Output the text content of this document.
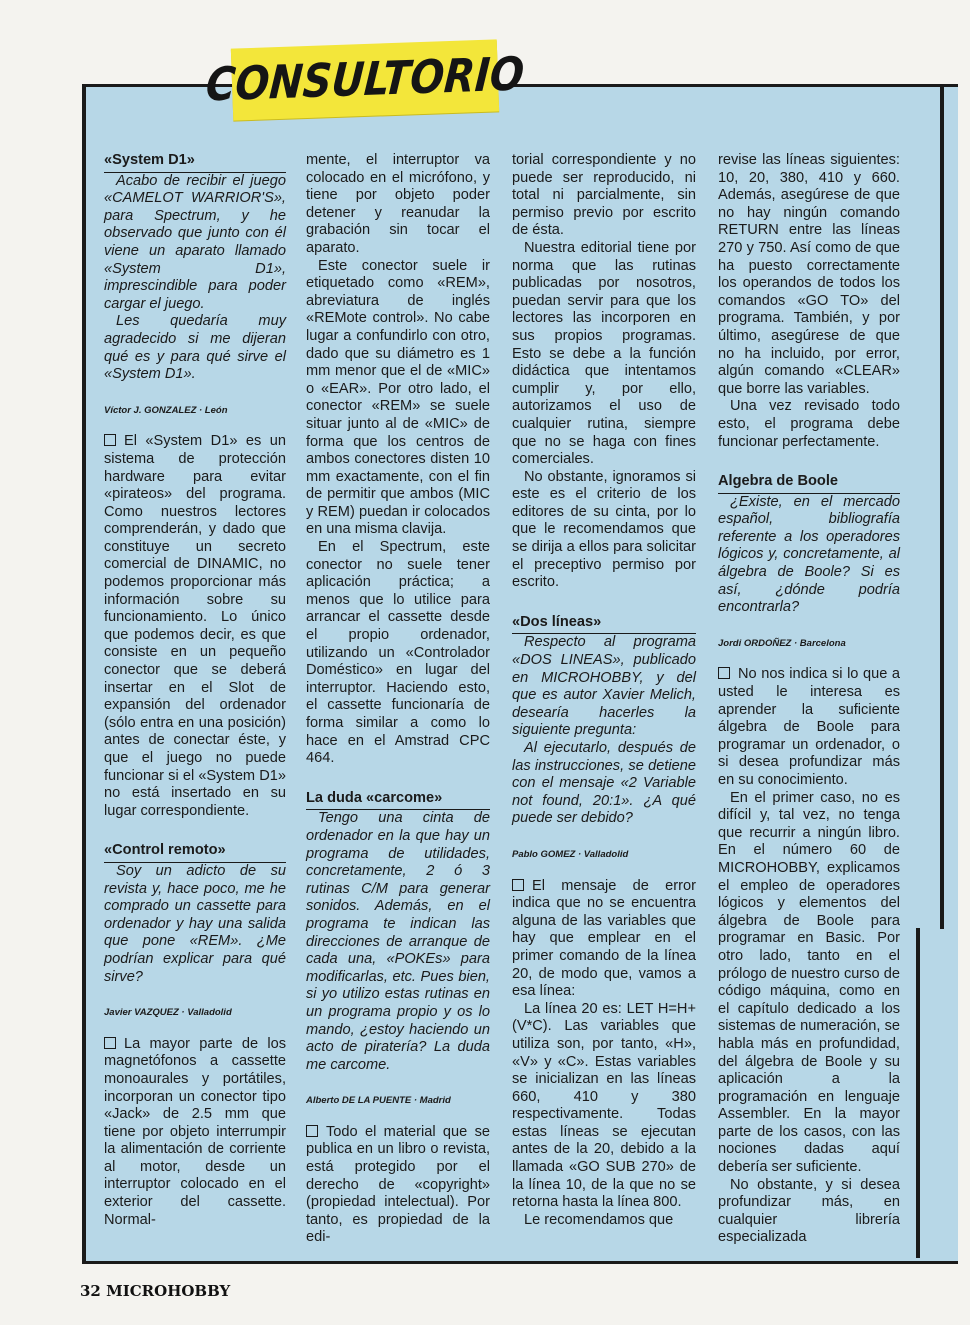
CONSULTORIO

«System D1»

Acabo de recibir el juego «CAMELOT WARRIOR'S», para Spectrum, y he observado que junto con él viene un aparato llamado «System D1», imprescindible para poder cargar el juego.

Les quedaría muy agradecido si me dijeran qué es y para qué sirve el «System D1».

Víctor J. GONZALEZ · León

El «System D1» es un sistema de protección hardware para evitar «pirateos» del programa. Como nuestros lectores comprenderán, y dado que constituye un secreto comercial de DINAMIC, no podemos proporcionar más información sobre su funcionamiento. Lo único que podemos decir, es que consiste en un pequeño conector que se deberá insertar en el Slot de expansión del ordenador (sólo entra en una posición) antes de conectar éste, y que el juego no puede funcionar si el «System D1» no está insertado en su lugar correspondiente.

«Control remoto»

Soy un adicto de su revista y, hace poco, me he comprado un cassette para ordenador y hay una salida que pone «REM». ¿Me podrían explicar para qué sirve?

Javier VAZQUEZ · Valladolid

La mayor parte de los magnetófonos a cassette monoaurales y portátiles, incorporan un conector tipo «Jack» de 2.5 mm que tiene por objeto interrumpir la alimentación de corriente al motor, desde un interruptor colocado en el exterior del cassette. Normal-

mente, el interruptor va colocado en el micrófono, y tiene por objeto poder detener y reanudar la grabación sin tocar el aparato.

Este conector suele ir etiquetado como «REM», abreviatura de inglés «REMote control». No cabe lugar a confundirlo con otro, dado que su diámetro es 1 mm menor que el de «MIC» o «EAR». Por otro lado, el conector «REM» se suele situar junto al de «MIC» de forma que los centros de ambos conectores disten 10 mm exactamente, con el fin de permitir que ambos (MIC y REM) puedan ir colocados en una misma clavija.

En el Spectrum, este conector no suele tener aplicación práctica; a menos que lo utilice para arrancar el cassette desde el propio ordenador, utilizando un «Controlador Doméstico» en lugar del interruptor. Haciendo esto, el cassette funcionaría de forma similar a como lo hace en el Amstrad CPC 464.

La duda «carcome»

Tengo una cinta de ordenador en la que hay un programa de utilidades, concretamente, 2 ó 3 rutinas C/M para generar sonidos. Además, en el programa te indican las direcciones de arranque de cada una, «POKEs» para modificarlas, etc. Pues bien, si yo utilizo estas rutinas en un programa propio y os lo mando, ¿estoy haciendo un acto de piratería? La duda me carcome.

Alberto DE LA PUENTE · Madrid

Todo el material que se publica en un libro o revista, está protegido por el derecho de «copyright» (propiedad intelectual). Por tanto, es propiedad de la edi-

torial correspondiente y no puede ser reproducido, ni total ni parcialmente, sin permiso previo por escrito de ésta.

Nuestra editorial tiene por norma que las rutinas publicadas por nosotros, puedan servir para que los lectores las incorporen en sus propios programas. Esto se debe a la función didáctica que intentamos cumplir y, por ello, autorizamos el uso de cualquier rutina, siempre que no se haga con fines comerciales.

No obstante, ignoramos si este es el criterio de los editores de su cinta, por lo que le recomendamos que se dirija a ellos para solicitar el preceptivo permiso por escrito.

«Dos líneas»

Respecto al programa «DOS LINEAS», publicado en MICROHOBBY, y del que es autor Xavier Melich, desearía hacerles la siguiente pregunta:

Al ejecutarlo, después de las instrucciones, se detiene con el mensaje «2 Variable not found, 20:1». ¿A qué puede ser debido?

Pablo GOMEZ · Valladolid

El mensaje de error indica que no se encuentra alguna de las variables que hay que emplear en el primer comando de la línea 20, de modo que, vamos a esa línea:

La línea 20 es: LET H=H+ (V*C). Las variables que utiliza son, por tanto, «H», «V» y «C». Estas variables se inicializan en las líneas 660, 410 y 380 respectivamente. Todas estas líneas se ejecutan antes de la 20, debido a la llamada «GO SUB 270» de la línea 10, de la que no se retorna hasta la línea 800.

Le recomendamos que

revise las líneas siguientes: 10, 20, 380, 410 y 660. Además, asegúrese de que no hay ningún comando RETURN entre las líneas 270 y 750. Así como de que ha puesto correctamente los operandos de todos los comandos «GO TO» del programa. También, y por último, asegúrese de que no ha incluido, por error, algún comando «CLEAR» que borre las variables.

Una vez revisado todo esto, el programa debe funcionar perfectamente.

Algebra de Boole

¿Existe, en el mercado español, bibliografía referente a los operadores lógicos y, concretamente, al álgebra de Boole? Si es así, ¿dónde podría encontrarla?

Jordi ORDOÑEZ · Barcelona

No nos indica si lo que a usted le interesa es aprender la suficiente álgebra de Boole para programar un ordenador, o si desea profundizar más en su conocimiento.

En el primer caso, no es difícil y, tal vez, no tenga que recurrir a ningún libro. En el número 60 de MICROHOBBY, explicamos el empleo de operadores lógicos y elementos del álgebra de Boole para programar en Basic. Por otro lado, tanto en el prólogo de nuestro curso de código máquina, como en el capítulo dedicado a los sistemas de numeración, se habla más en profundidad, del álgebra de Boole y su aplicación a la programación en lenguaje Assembler. En la mayor parte de los casos, con las nociones dadas aquí debería ser suficiente.

No obstante, y si desea profundizar más, en cualquier librería especializada

32 MICROHOBBY
